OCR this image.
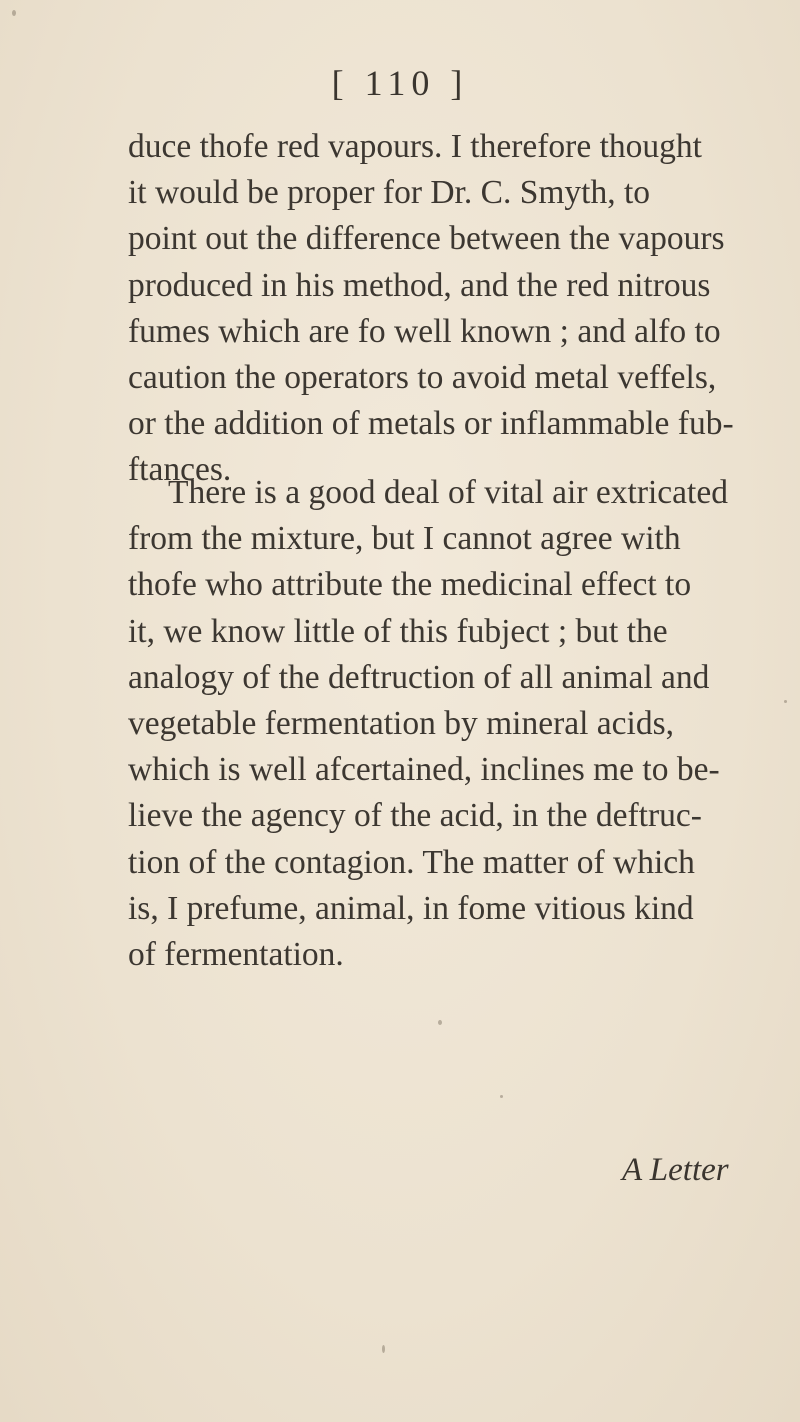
[ 110 ]
duce thofe red vapours. I therefore thought
it would be proper for Dr. C. Smyth, to
point out the difference between the vapours
produced in his method, and the red nitrous
fumes which are fo well known ; and alfo to
caution the operators to avoid metal veffels,
or the addition of metals or inflammable fub-
ftances.
There is a good deal of vital air extricated
from the mixture, but I cannot agree with
thofe who attribute the medicinal effect to
it, we know little of this fubject ; but the
analogy of the deftruction of all animal and
vegetable fermentation by mineral acids,
which is well afcertained, inclines me to be-
lieve the agency of the acid, in the deftruc-
tion of the contagion. The matter of which
is, I prefume, animal, in fome vitious kind
of fermentation.
A Letter
